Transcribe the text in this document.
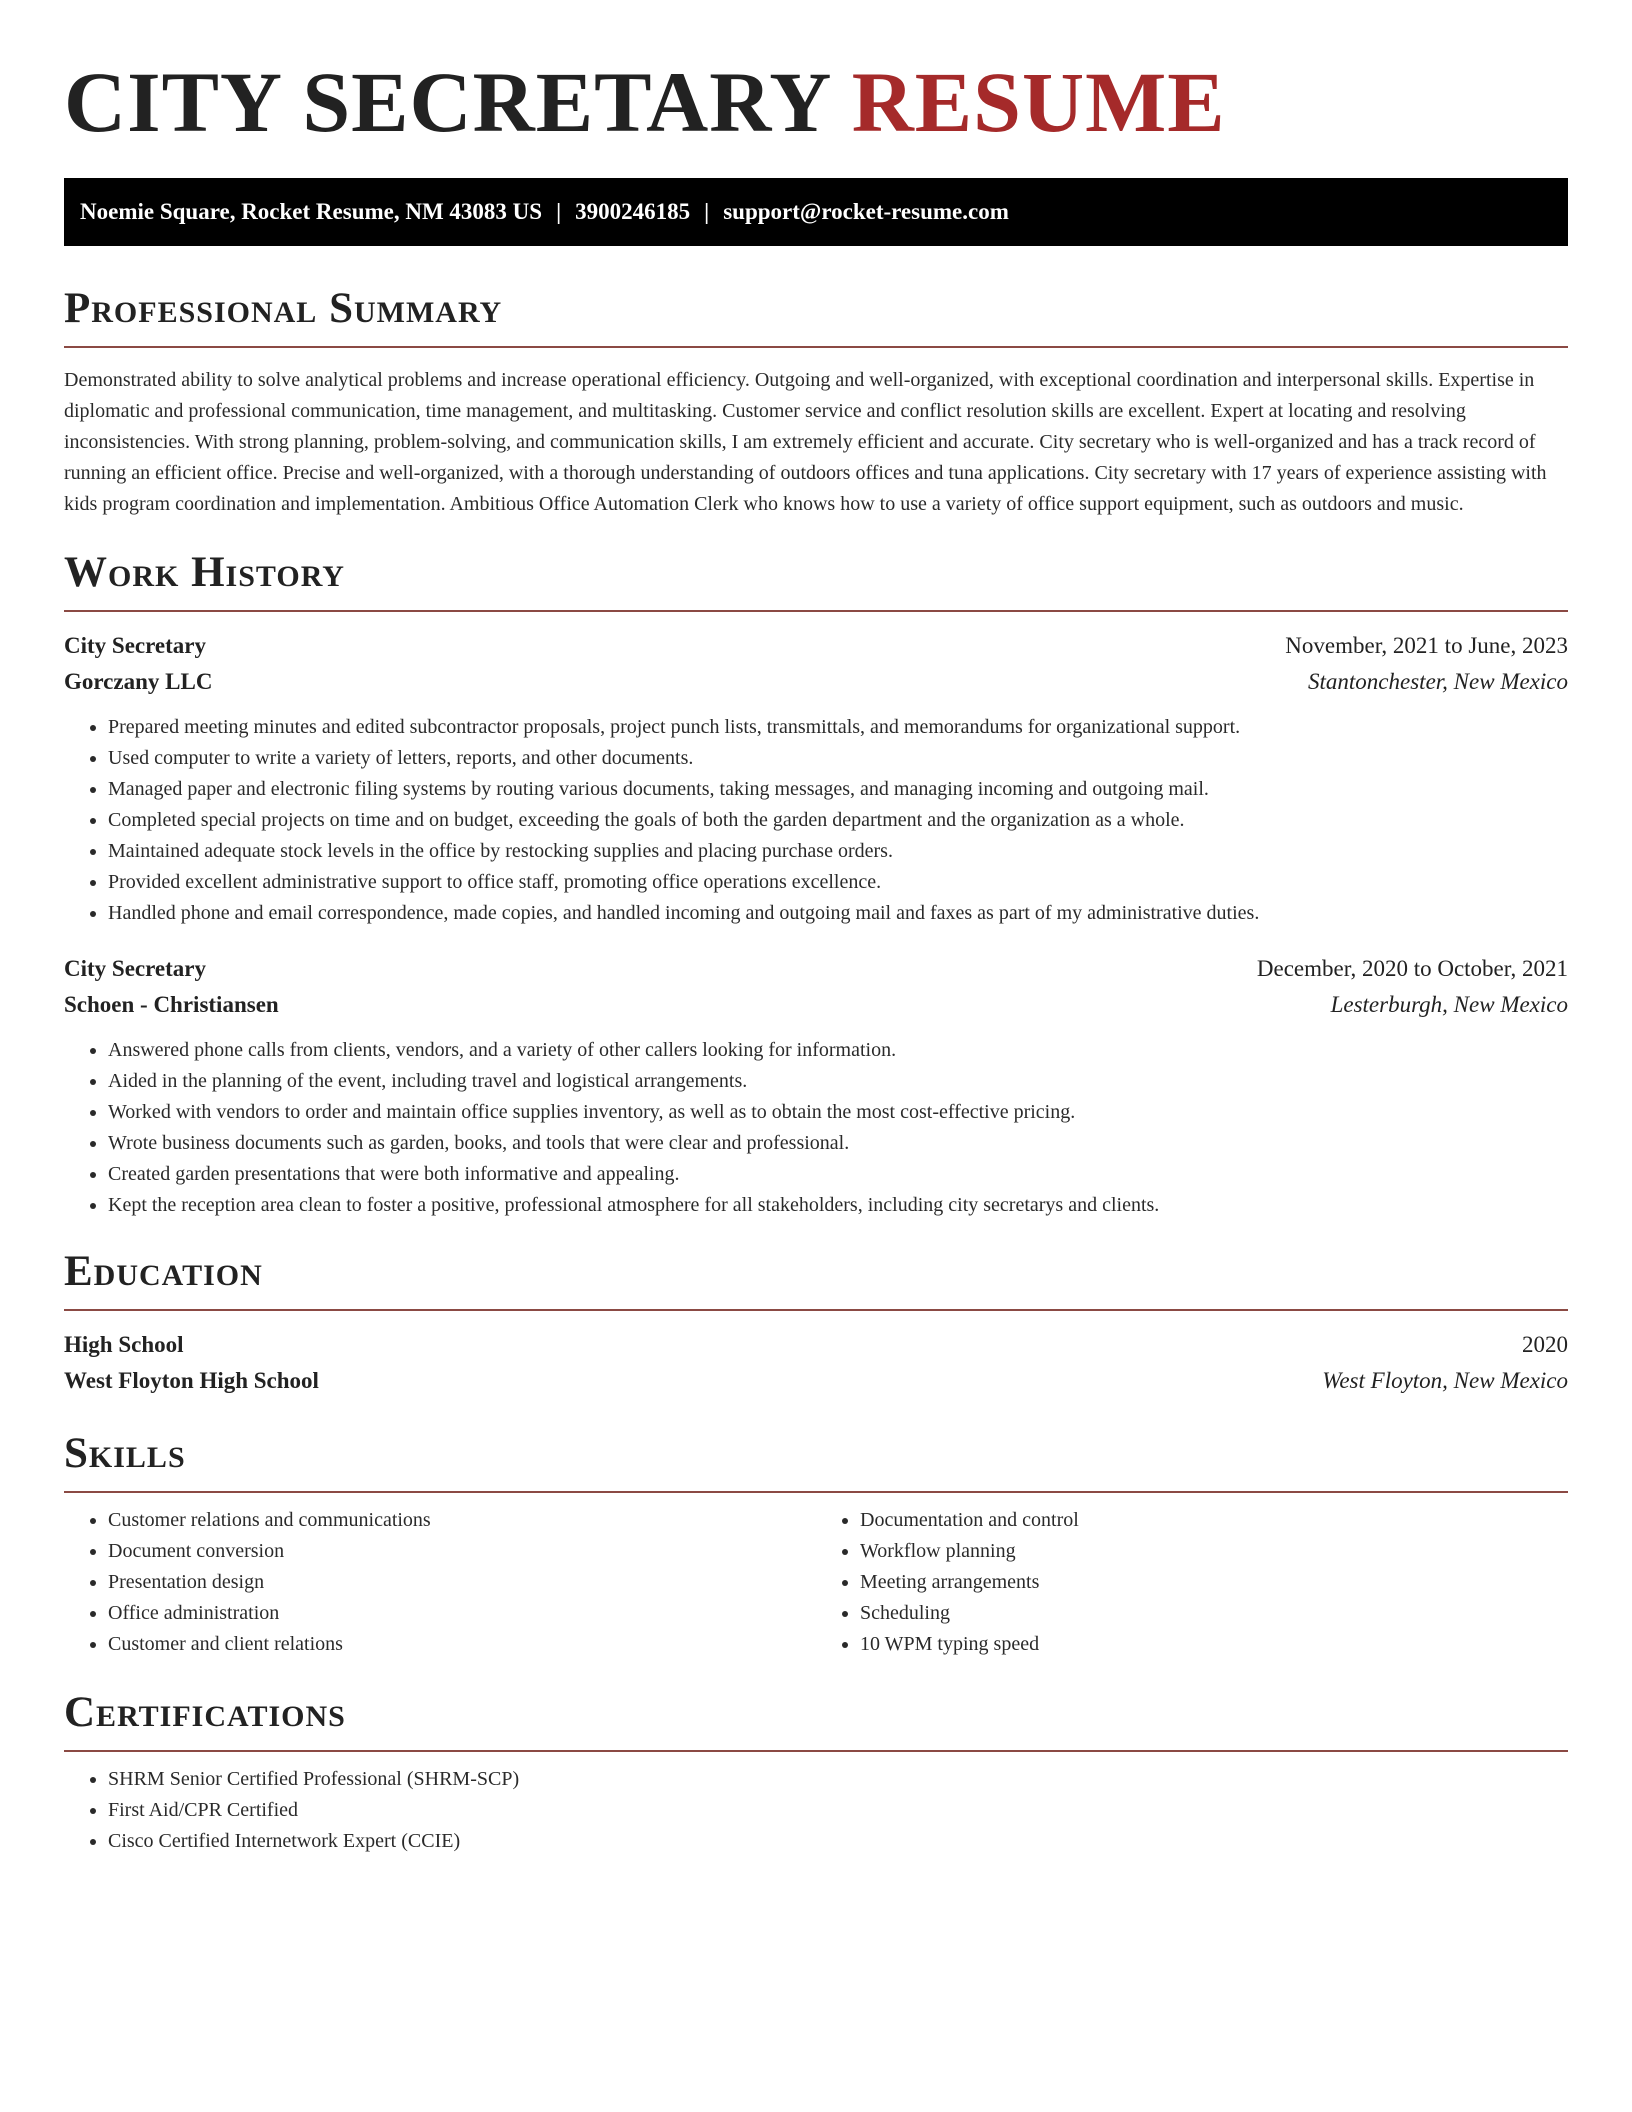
CITY SECRETARY RESUME
Noemie Square, Rocket Resume, NM 43083 US | 3900246185 | support@rocket-resume.com
Professional Summary

Demonstrated ability to solve analytical problems and increase operational efficiency. Outgoing and well-organized, with exceptional coordination and interpersonal skills. Expertise in diplomatic and professional communication, time management, and multitasking. Customer service and conflict resolution skills are excellent. Expert at locating and resolving inconsistencies. With strong planning, problem-solving, and communication skills, I am extremely efficient and accurate. City secretary who is well-organized and has a track record of running an efficient office. Precise and well-organized, with a thorough understanding of outdoors offices and tuna applications. City secretary with 17 years of experience assisting with kids program coordination and implementation. Ambitious Office Automation Clerk who knows how to use a variety of office support equipment, such as outdoors and music.

Work History
City Secretary	November, 2021 to June, 2023
Gorczany LLC	Stantonchester, New Mexico
• Prepared meeting minutes and edited subcontractor proposals, project punch lists, transmittals, and memorandums for organizational support.
• Used computer to write a variety of letters, reports, and other documents.
• Managed paper and electronic filing systems by routing various documents, taking messages, and managing incoming and outgoing mail.
• Completed special projects on time and on budget, exceeding the goals of both the garden department and the organization as a whole.
• Maintained adequate stock levels in the office by restocking supplies and placing purchase orders.
• Provided excellent administrative support to office staff, promoting office operations excellence.
• Handled phone and email correspondence, made copies, and handled incoming and outgoing mail and faxes as part of my administrative duties.
City Secretary	December, 2020 to October, 2021
Schoen - Christiansen	Lesterburgh, New Mexico
• Answered phone calls from clients, vendors, and a variety of other callers looking for information.
• Aided in the planning of the event, including travel and logistical arrangements.
• Worked with vendors to order and maintain office supplies inventory, as well as to obtain the most cost-effective pricing.
• Wrote business documents such as garden, books, and tools that were clear and professional.
• Created garden presentations that were both informative and appealing.
• Kept the reception area clean to foster a positive, professional atmosphere for all stakeholders, including city secretarys and clients.
Education
High School	2020
West Floyton High School	West Floyton, New Mexico
Skills
• Customer relations and communications
• Document conversion
• Presentation design
• Office administration
• Customer and client relations
• Documentation and control
• Workflow planning
• Meeting arrangements
• Scheduling
• 10 WPM typing speed
Certifications
• SHRM Senior Certified Professional (SHRM-SCP)
• First Aid/CPR Certified
• Cisco Certified Internetwork Expert (CCIE)
